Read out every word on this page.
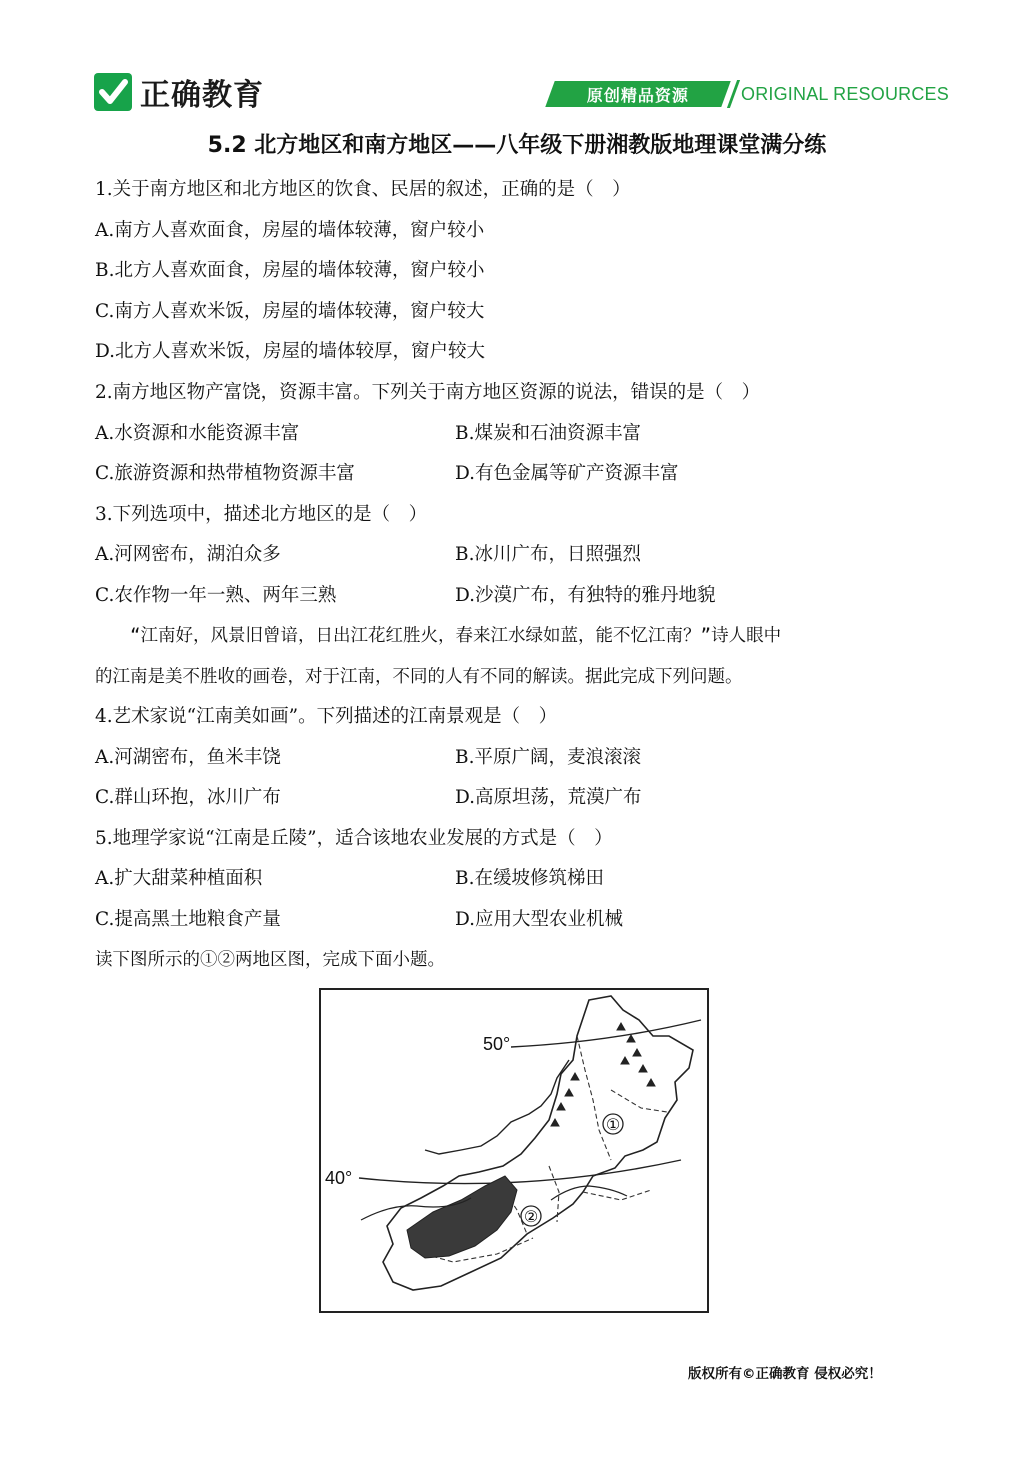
正确教育	原创精品资源	ORIGINAL RESOURCES
5.2 北方地区和南方地区——八年级下册湘教版地理课堂满分练
1.关于南方地区和北方地区的饮食、民居的叙述，正确的是（　）
A.南方人喜欢面食，房屋的墙体较薄，窗户较小
B.北方人喜欢面食，房屋的墙体较薄，窗户较小
C.南方人喜欢米饭，房屋的墙体较薄，窗户较大
D.北方人喜欢米饭，房屋的墙体较厚，窗户较大
2.南方地区物产富饶，资源丰富。下列关于南方地区资源的说法，错误的是（　）
A.水资源和水能资源丰富	B.煤炭和石油资源丰富
C.旅游资源和热带植物资源丰富	D.有色金属等矿产资源丰富
3.下列选项中，描述北方地区的是（　）
A.河网密布，湖泊众多	B.冰川广布，日照强烈
C.农作物一年一熟、两年三熟	D.沙漠广布，有独特的雅丹地貌
　　“江南好，风景旧曾谙，日出江花红胜火，春来江水绿如蓝，能不忆江南？”诗人眼中
的江南是美不胜收的画卷，对于江南，不同的人有不同的解读。据此完成下列问题。
4.艺术家说“江南美如画”。下列描述的江南景观是（　）
A.河湖密布，鱼米丰饶	B.平原广阔，麦浪滚滚
C.群山环抱，冰川广布	D.高原坦荡，荒漠广布
5.地理学家说“江南是丘陵”，适合该地农业发展的方式是（　）
A.扩大甜菜种植面积	B.在缓坡修筑梯田
C.提高黑土地粮食产量	D.应用大型农业机械
读下图所示的①②两地区图，完成下面小题。
①
②
50°
40°
版权所有©正确教育 侵权必究！
